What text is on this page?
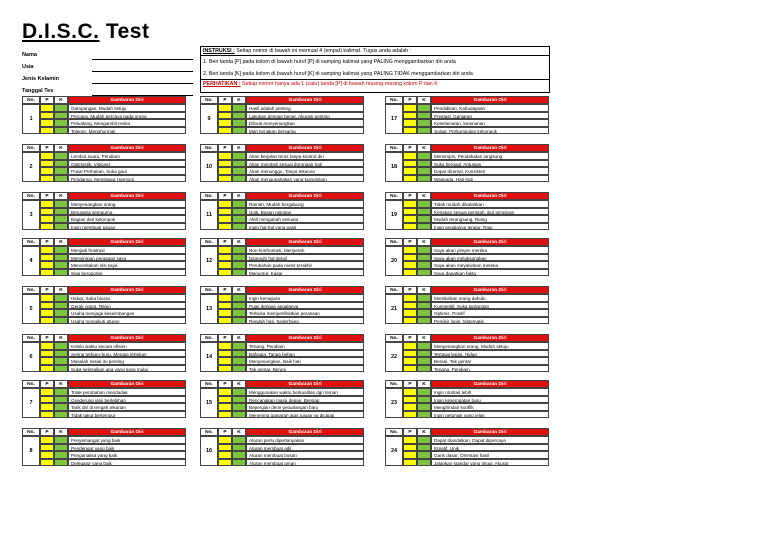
D.I.S.C. Test
Nama
Usia
Jenis Kelamin
Tanggal Tes
INSTRUKSI : Setiap nomor di bawah ini memuat 4 (empat) kalimat. Tugas anda adalah :
1. Beri tanda [P] pada kolom di bawah huruf [P] di samping kalimat yang PALING menggambarkan diri anda
2. Beri tanda [K] pada kolom di bawah huruf [K] di samping kalimat yang PALING TIDAK menggambarkan diri anda
PERHATIKAN : Setiap nomor hanya ada 1 (satu) tanda [P] di bawah masing-masing kolom P dan K
No.	P	K	Gambaran Diri
1
Gampangan, Mudah setuju
Percaya, Mudah percaya pada orang
Petualang, Mengambil resiko
Toleran, Menghormati
No.	P	K	Gambaran Diri
2
Lembut suara, Pendiam
Optimistik, Visioner
Pusat Perhatian, Suka gaul
Pendamai, Membawa Harmoni
No.	P	K	Gambaran Diri
3
Menyenangkan orang
Berusaha sempurna
Bagian dari kelompok
Ingin membuat tujuan
No.	P	K	Gambaran Diri
4
Menjadi frustrasi
Menyimpan perasaan saya
Menceritakan sisi saya
Siap beroposisi
No.	P	K	Gambaran Diri
5
Hidup, Suka bicara
Gerak cepat, Tekun
Usaha menjaga keseimbangan
Usaha mengikuti aturan
No.	P	K	Gambaran Diri
6
Kelola waktu secara efisien
Sering terburu-buru, Merasa tertekan
Masalah sosial itu penting
Suka selesaikan apa yang saya mulai
No.	P	K	Gambaran Diri
7
Tolak perubahan mendadak
Cenderung janji berlebihan
Tarik diri di tengah tekanan
Tidak takut bertempur
No.	P	K	Gambaran Diri
8
Penyemangat yang baik
Pendengar yang baik
Penganalisa yang baik
Delegator yang baik
No.	P	K	Gambaran Diri
9
Hasil adalah penting
Lakukan dengan benar, Akurasi penting
Dibuat menyenangkan
Mari kerjakan bersama
No.	P	K	Gambaran Diri
10
Akan berjalan terus tanpa kontrol diri
Akan membeli sesuai dorongan hati
Akan menunggu, Tanpa tekanan
Akan mengusahakan yang kuinginkan
No.	P	K	Gambaran Diri
11
Ramah, Mudah bergabung
Unik, Bosan rutinitas
Aktif mengubah sesuatu
Ingin hal-hal yang pasti
No.	P	K	Gambaran Diri
12
Non-konfrontasi, Menyerah
Dipenuhi hal detail
Perubahan pada menit terakhir
Menuntut, Kasar
No.	P	K	Gambaran Diri
13
Ingin kemajuan
Puas dengan segalanya
Terbuka memperlihatkan perasaan
Rendah hati, Sederhana
No.	P	K	Gambaran Diri
14
Tenang, Pendiam
Bahagia, Tanpa beban
Menyenangkan, Baik hati
Tak gentar, Berani
No.	P	K	Gambaran Diri
15
Menggunakan waktu berkualitas dgn teman
Rencanakan masa depan, Bersiap
Bepergian demi petualangan baru
Menerima ganjaran atas tujuan yg dicapai
No.	P	K	Gambaran Diri
16
Aturan perlu dipertanyakan
Aturan membuat adil
Aturan membuat bosan
Aturan membuat aman
No.	P	K	Gambaran Diri
17
Pendidikan, Kebudayaan
Prestasi, Ganjaran
Keselamatan, keamanan
Sosial, Perkumpulan kelompok
No.	P	K	Gambaran Diri
18
Memimpin, Pendekatan langsung
Suka bergaul, Antusias
Dapat diramal, Konsisten
Waspada, Hati-hati
No.	P	K	Gambaran Diri
19
Tidak mudah dikalahkan
Kerjakan sesuai perintah, ikut pimpinan
Mudah terangsang, Riang
Ingin segalanya teratur, Rapi
No.	P	K	Gambaran Diri
20
Saya akan pimpin mereka
Saya akan melaksanakan
Saya akan meyakinkan mereka
Saya dapatkan fakta
No.	P	K	Gambaran Diri
21
Memikirkan orang dahulu
Kompetitif, Suka tantangan
Optimis, Positif
Pemikir logis, Sistematik
No.	P	K	Gambaran Diri
22
Menyenangkan orang, Mudah setuju
Tertawa lepas, Hidup
Berani, Tak gentar
Tenang, Pendiam
No.	P	K	Gambaran Diri
23
Ingin otoritas lebih
Ingin kesempatan baru
Menghindari konflik
Ingin petunjuk yang jelas
No.	P	K	Gambaran Diri
24
Dapat diandalkan, Dapat dipercaya
Kreatif, Unik
Garis dasar, Orientasi hasil
Jalankan standar yang tinggi, Akurat
